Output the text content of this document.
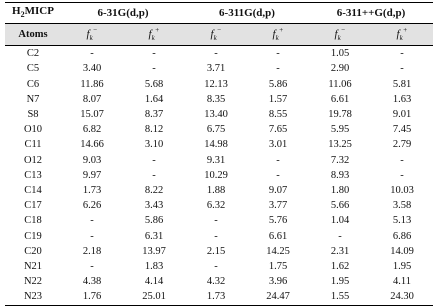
$H_2MICP$	6-31G(d,p)		6-311G(d,p)		6-311++G(d,p)	
Atoms	$f_k^-$	$f_k^+$	$f_k^-$	$f_k^+$	$f_k^-$	$f_k^+$
C2	-	-	-	-	1.05	-
C5	3.40	-	3.71	-	2.90	-
C6	11.86	5.68	12.13	5.86	11.06	5.81
N7	8.07	1.64	8.35	1.57	6.61	1.63
S8	15.07	8.37	13.40	8.55	19.78	9.01
O10	6.82	8.12	6.75	7.65	5.95	7.45
C11	14.66	3.10	14.98	3.01	13.25	2.79
O12	9.03	-	9.31	-	7.32	-
C13	9.97	-	10.29	-	8.93	-
C14	1.73	8.22	1.88	9.07	1.80	10.03
C17	6.26	3.43	6.32	3.77	5.66	3.58
C18	-	5.86	-	5.76	1.04	5.13
C19	-	6.31	-	6.61	-	6.86
C20	2.18	13.97	2.15	14.25	2.31	14.09
N21	-	1.83	-	1.75	1.62	1.95
N22	4.38	4.14	4.32	3.96	1.95	4.11
N23	1.76	25.01	1.73	24.47	1.55	24.30
